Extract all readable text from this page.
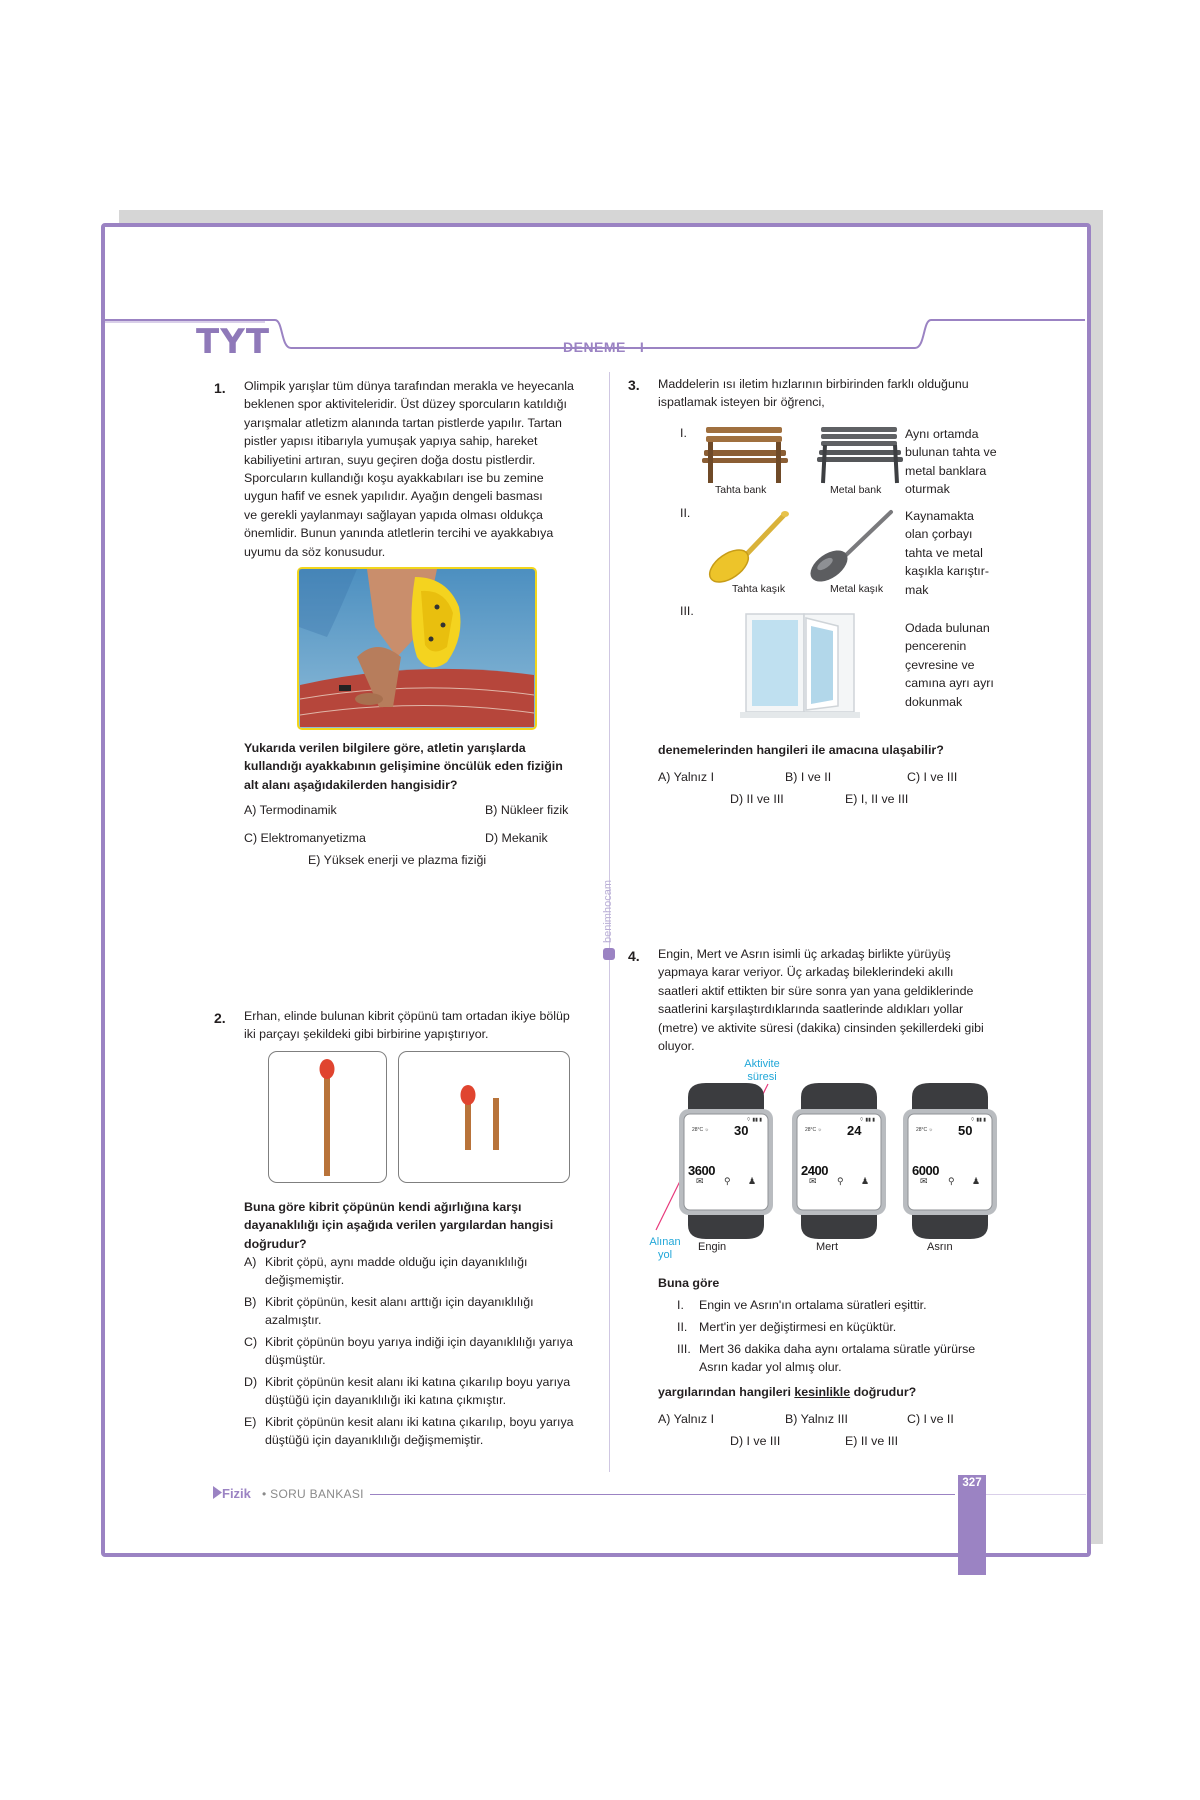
TYT	DENEME - I
benimhocam
1. Olimpik yarışlar tüm dünya tarafından merakla ve heyecanla
beklenen spor aktiviteleridir. Üst düzey sporcuların katıldığı
yarışmalar atletizm alanında tartan pistlerde yapılır. Tartan
pistler yapısı itibarıyla yumuşak yapıya sahip, hareket
kabiliyetini artıran, suyu geçiren doğa dostu pistlerdir.
Sporcuların kullandığı koşu ayakkabıları ise bu zemine
uygun hafif ve esnek yapılıdır. Ayağın dengeli basması
ve gerekli yaylanmayı sağlayan yapıda olması oldukça
önemlidir. Bunun yanında atletlerin tercihi ve ayakkabıya
uyumu da söz konusudur.
Yukarıda verilen bilgilere göre, atletin yarışlarda
kullandığı ayakkabının gelişimine öncülük eden fiziğin
alt alanı aşağıdakilerden hangisidir?
A) Termodinamik	B) Nükleer fizik
C) Elektromanyetizma	D) Mekanik
E) Yüksek enerji ve plazma fiziği
2. Erhan, elinde bulunan kibrit çöpünü tam ortadan ikiye bölüp
iki parçayı şekildeki gibi birbirine yapıştırıyor.
Buna göre kibrit çöpünün kendi ağırlığına karşı
dayanaklılığı için aşağıda verilen yargılardan hangisi
doğrudur?
A) Kibrit çöpü, aynı madde olduğu için dayanıklılığı
değişmemiştir.
B) Kibrit çöpünün, kesit alanı arttığı için dayanıklılığı
azalmıştır.
C) Kibrit çöpünün boyu yarıya indiği için dayanıklılığı yarıya
düşmüştür.
D) Kibrit çöpünün kesit alanı iki katına çıkarılıp boyu yarıya
düştüğü için dayanıklılığı iki katına çıkmıştır.
E) Kibrit çöpünün kesit alanı iki katına çıkarılıp, boyu yarıya
düştüğü için dayanıklılığı değişmemiştir.
3. Maddelerin ısı iletim hızlarının birbirinden farklı olduğunu
ispatlamak isteyen bir öğrenci,
I.
II.
III.
Tahta bank	Metal bank
Aynı ortamda
bulunan tahta ve
metal banklara
oturmak
Tahta kaşık	Metal kaşık
Kaynamakta
olan çorbayı
tahta ve metal
kaşıkla karıştır-
mak
Odada bulunan
pencerenin
çevresine ve
camına ayrı ayrı
dokunmak
denemelerinden hangileri ile amacına ulaşabilir?
A) Yalnız I	B) I ve II	C) I ve III
D) II ve III	E) I, II ve III
4. Engin, Mert ve Asrın isimli üç arkadaş birlikte yürüyüş
yapmaya karar veriyor. Üç arkadaş bileklerindeki akıllı
saatleri aktif ettikten bir süre sonra yan yana geldiklerinde
saatlerini karşılaştırdıklarında saatlerinde aldıkları yollar
(metre) ve aktivite süresi (dakika) cinsinden şekillerdeki gibi
oluyor.
Aktivite
süresi
Alınan
yol
28°C ☼
⌔ ▮▮ ▮
✉ ⚲ ♟
30
3600
28°C ☼
⌔ ▮▮ ▮
✉ ⚲ ♟
24
2400
28°C ☼
⌔ ▮▮ ▮
✉ ⚲ ♟
50
6000
Engin	Mert	Asrın
Buna göre
I. Engin ve Asrın'ın ortalama süratleri eşittir.
II. Mert'in yer değiştirmesi en küçüktür.
III. Mert 36 dakika daha aynı ortalama süratle yürürse
Asrın kadar yol almış olur.
yargılarından hangileri kesinlikle doğrudur?
A) Yalnız I	B) Yalnız III	C) I ve II
D) I ve III	E) II ve III
Fizik • SORU BANKASI
327
